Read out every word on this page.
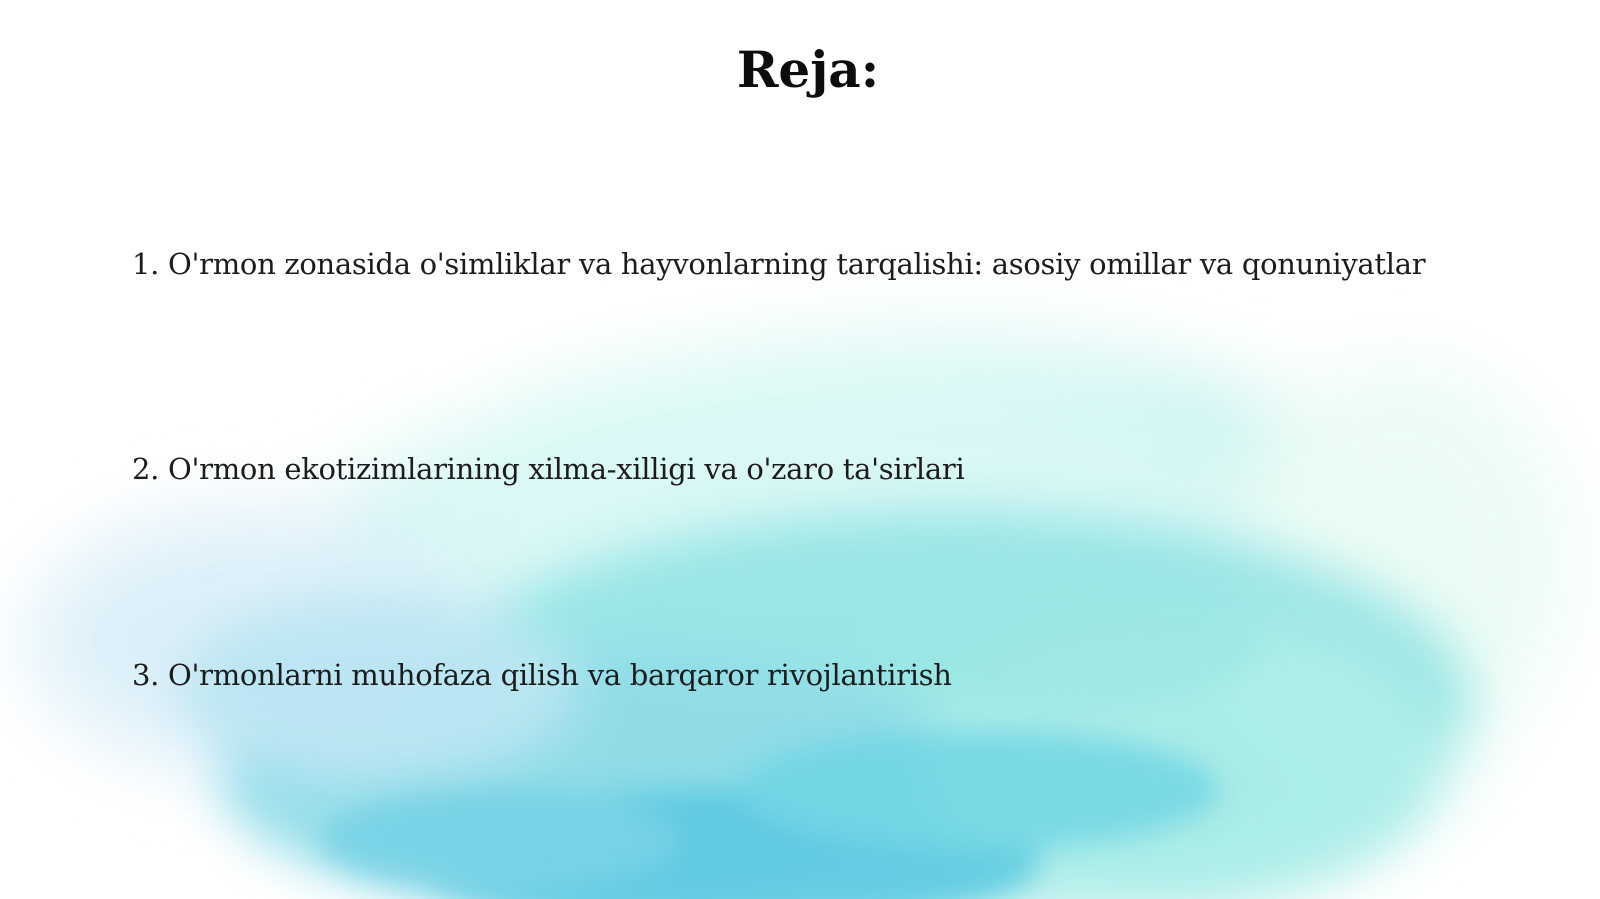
Reja:
1. O'rmon zonasida o'simliklar va hayvonlarning tarqalishi: asosiy omillar va qonuniyatlar
2. O'rmon ekotizimlarining xilma-xilligi va o'zaro ta'sirlari
3. O'rmonlarni muhofaza qilish va barqaror rivojlantirish
